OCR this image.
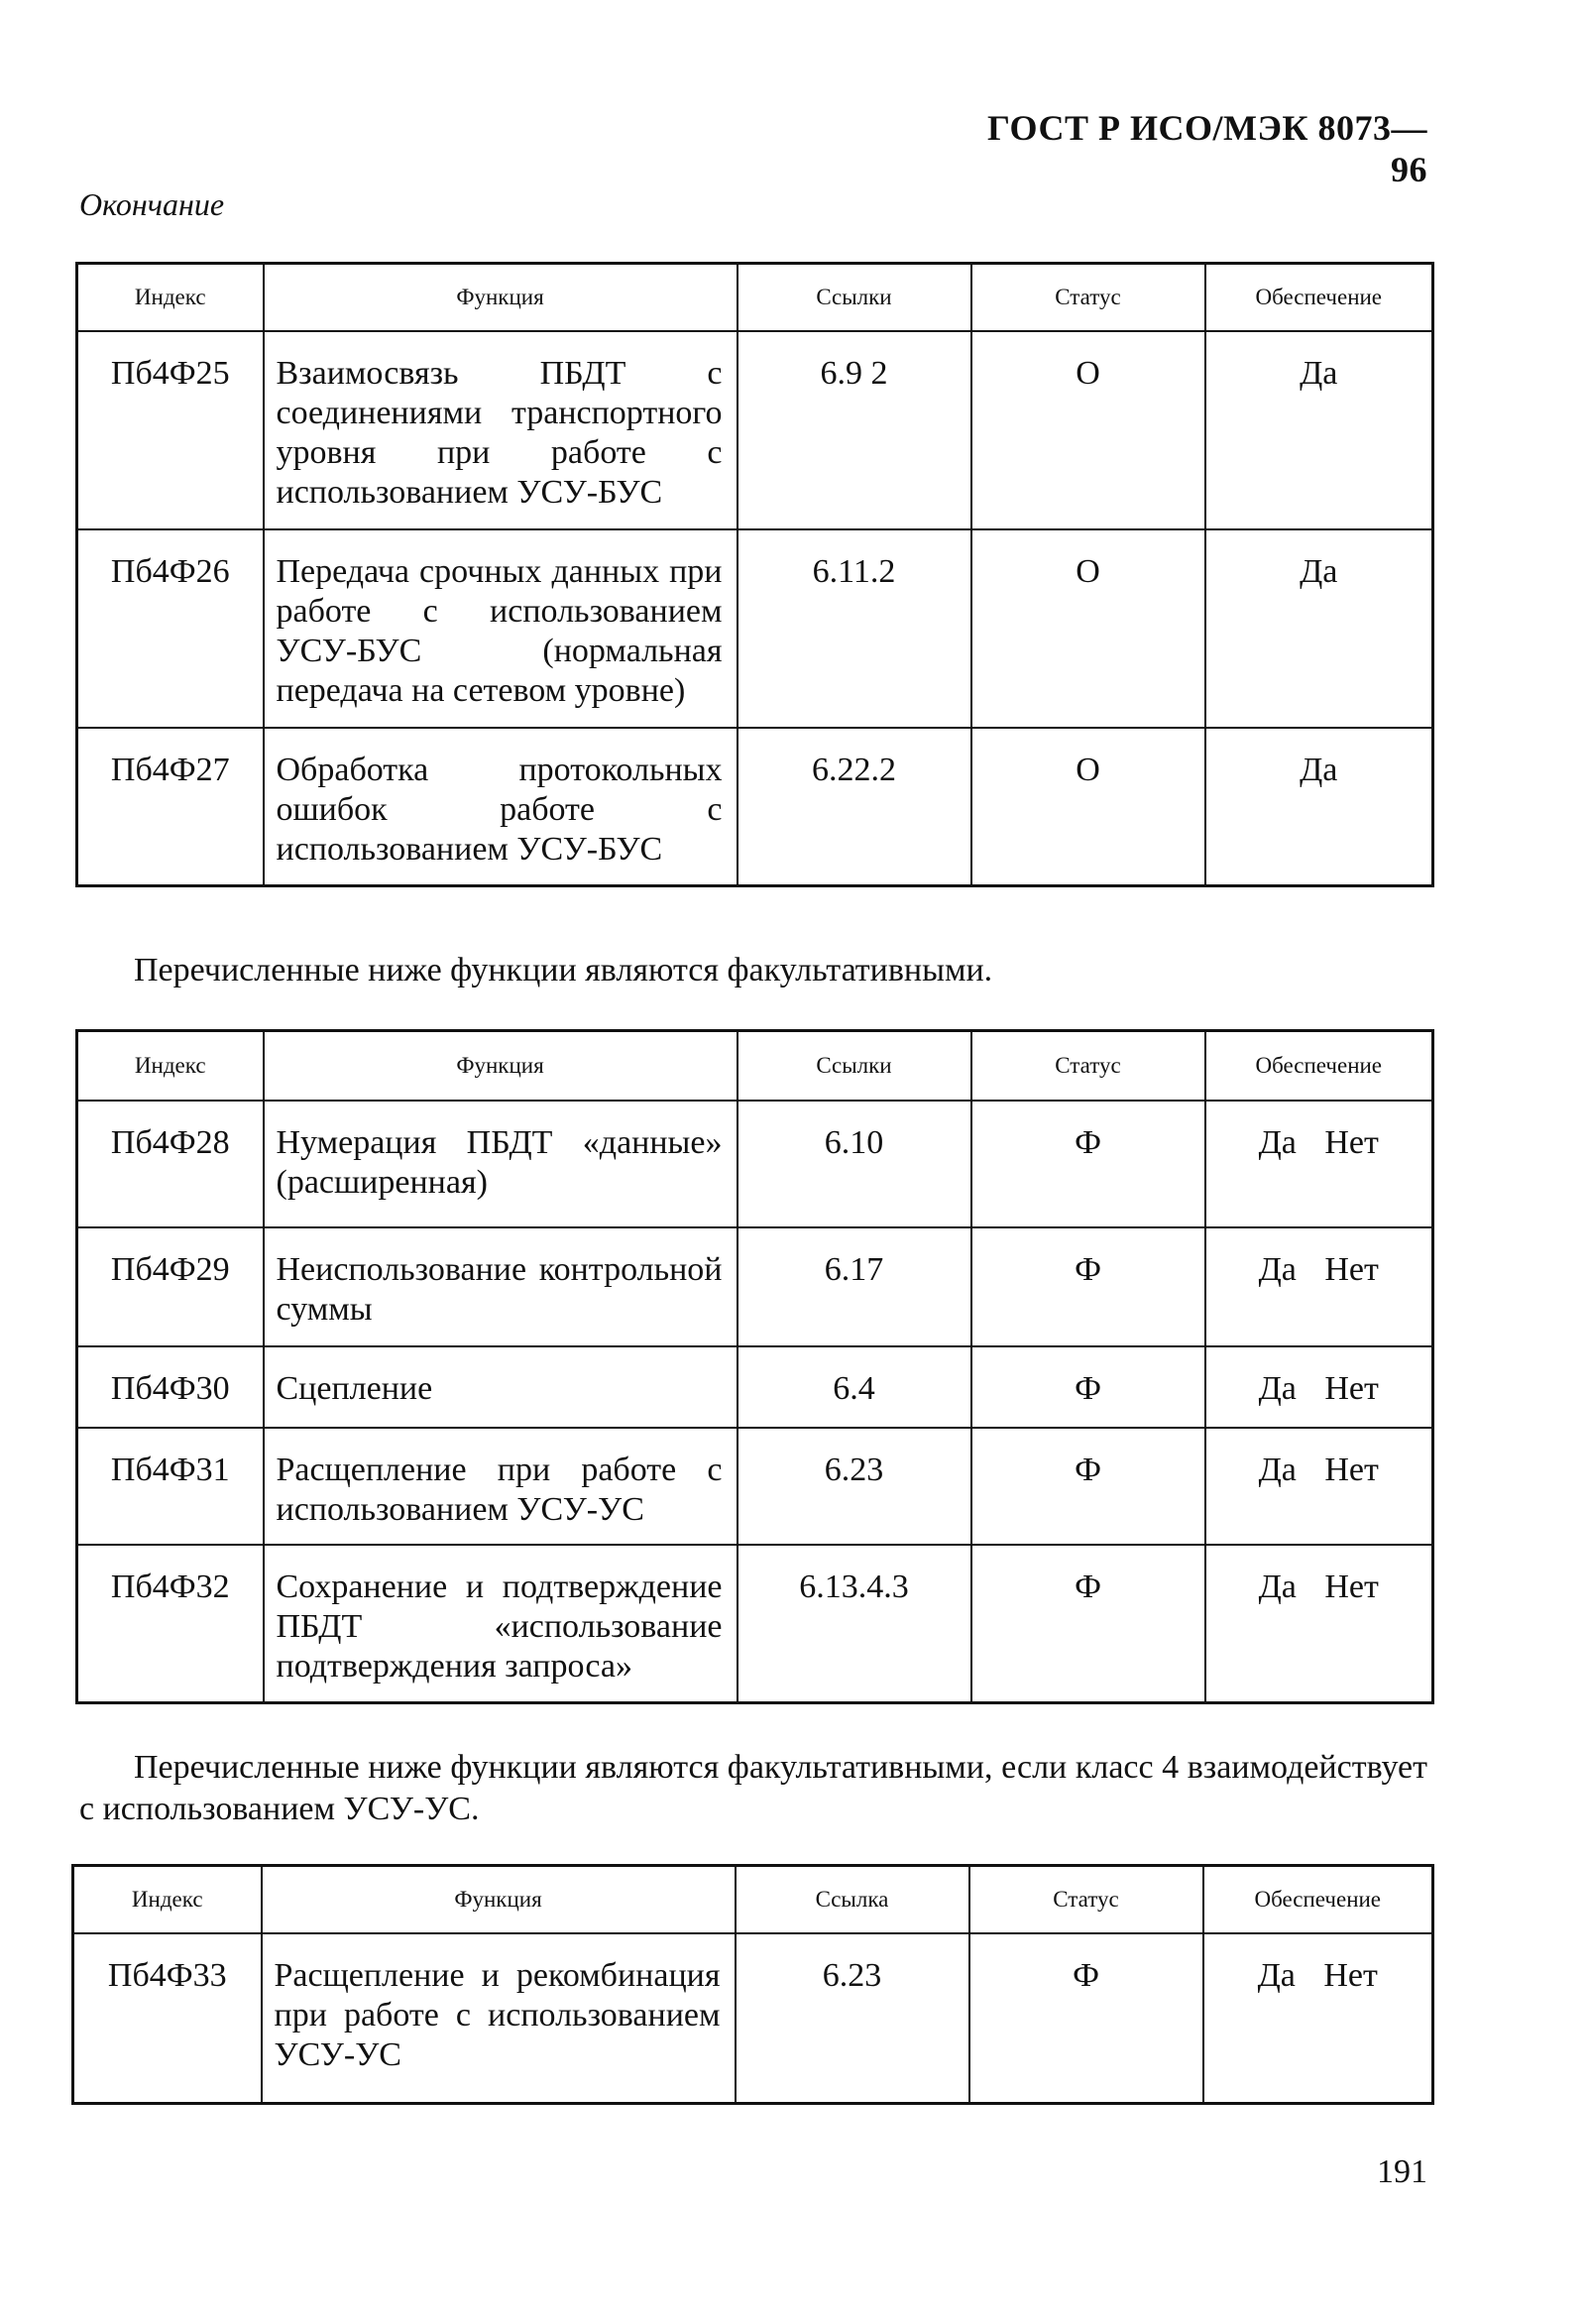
ГОСТ Р ИСО/МЭК 8073—96
Окончание
Индекс	Функция	Ссылки	Статус	Обеспечение
Пб4Ф25	Взаимосвязь ПБДТ с соединениями транспортного уровня при работе с использованием УСУ-БУС	6.9 2	О	Да
Пб4Ф26	Передача срочных данных при работе с использованием УСУ-БУС (нормальная передача на сетевом уровне)	6.11.2	О	Да
Пб4Ф27	Обработка протокольных ошибок работе с использованием УСУ-БУС	6.22.2	О	Да
Перечисленные ниже функции являются факультативными.
Индекс	Функция	Ссылки	Статус	Обеспечение
Пб4Ф28	Нумерация ПБДТ «данные» (расширенная)	6.10	Ф	Да Нет
Пб4Ф29	Неиспользование контрольной суммы	6.17	Ф	Да Нет
Пб4Ф30	Сцепление	6.4	Ф	Да Нет
Пб4Ф31	Расщепление при работе с использованием УСУ-УС	6.23	Ф	Да Нет
Пб4Ф32	Сохранение и подтверждение ПБДТ «использование подтверждения запроса»	6.13.4.3	Ф	Да Нет
Перечисленные ниже функции являются факультативными, если класс 4 взаимодействует с использованием УСУ-УС.
Индекс	Функция	Ссылка	Статус	Обеспечение
Пб4Ф33	Расщепление и рекомбинация при работе с использованием УСУ-УС	6.23	Ф	Да Нет
191
